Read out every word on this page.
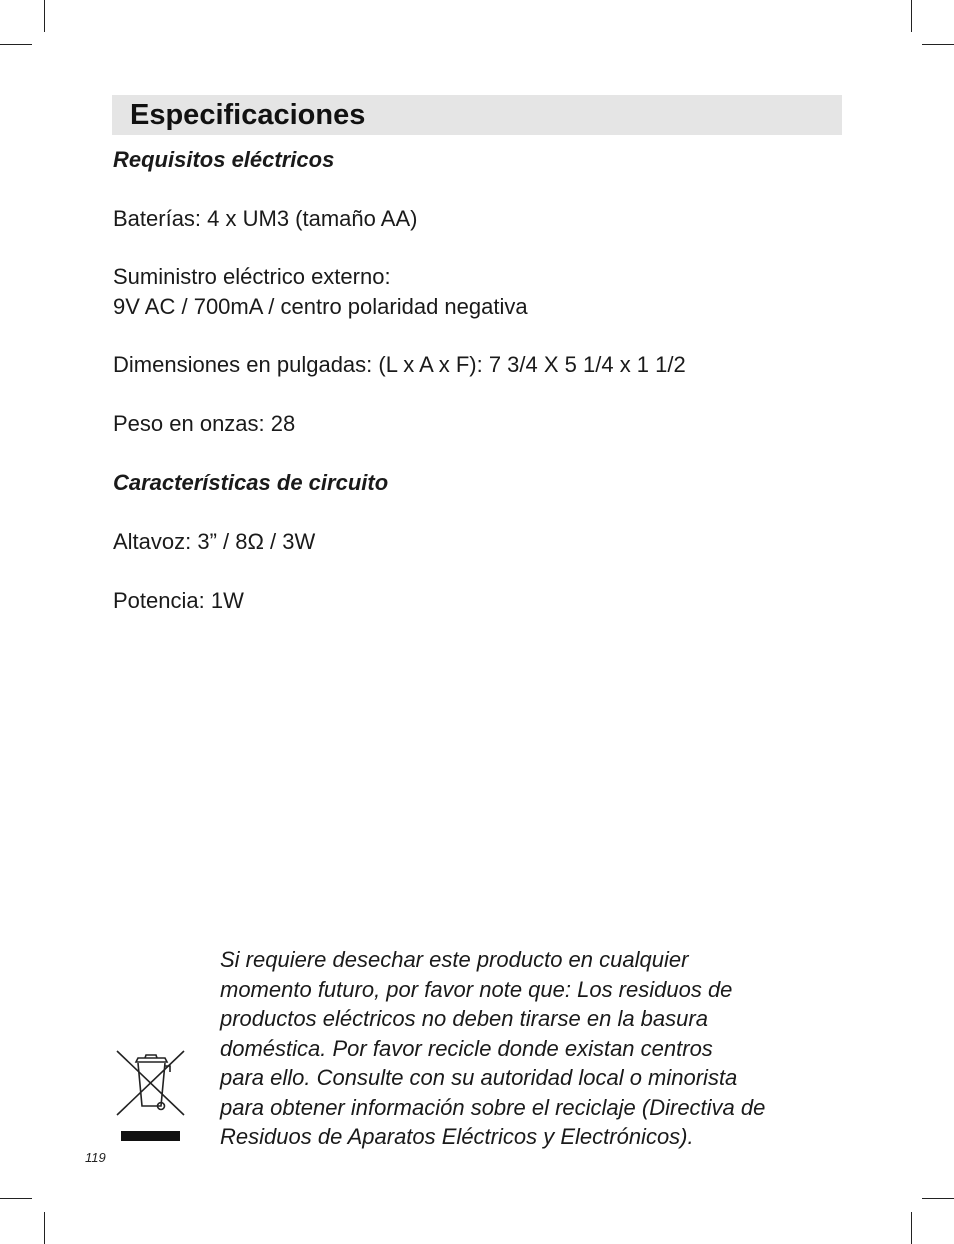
Especificaciones
Requisitos eléctricos
Baterías: 4 x UM3 (tamaño AA)
Suministro eléctrico externo:
9V AC / 700mA / centro polaridad negativa
Dimensiones en pulgadas: (L x A x F): 7 3/4 X 5 1/4 x 1 1/2
Peso en onzas: 28
Características de circuito
Altavoz: 3” / 8Ω / 3W
Potencia: 1W

Si requiere desechar este producto en cualquier

momento futuro, por favor note que: Los residuos de

productos eléctricos no deben tirarse en la basura

doméstica. Por favor recicle donde existan centros

para ello. Consulte con su autoridad local o minorista

para obtener información sobre el reciclaje (Directiva de

Residuos de Aparatos Eléctricos y Electrónicos).

119
